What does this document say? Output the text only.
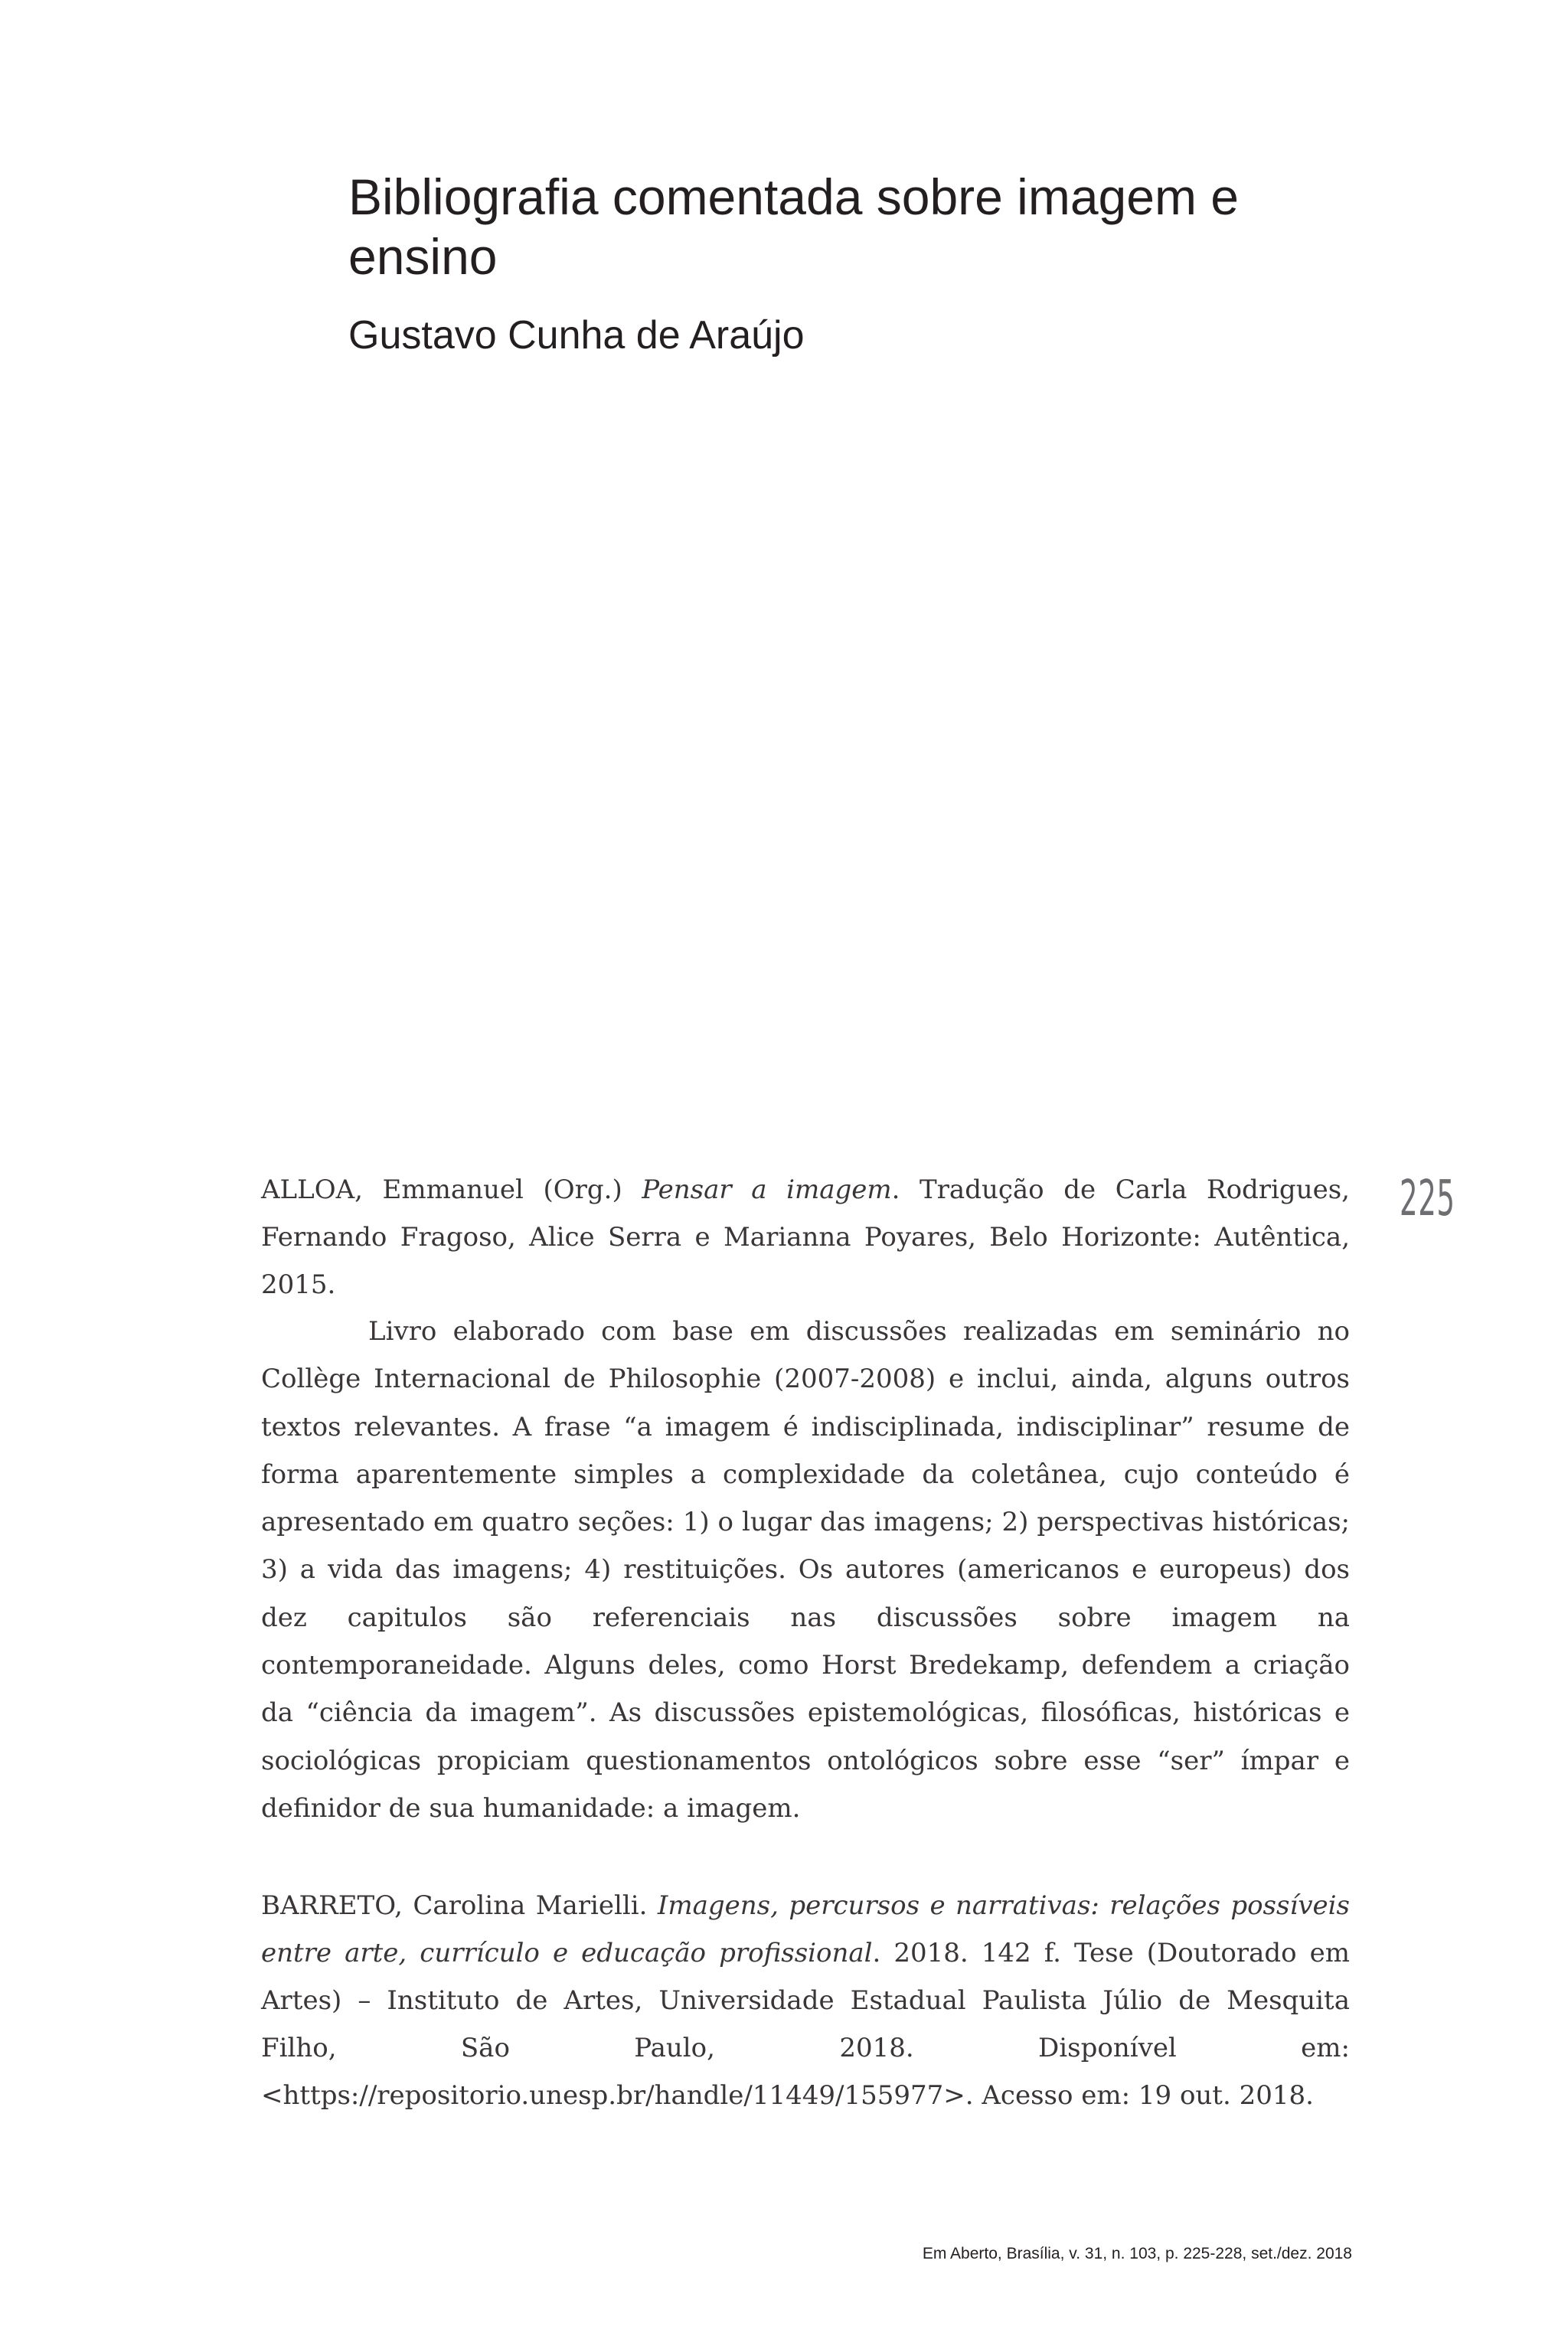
Bibliografia comentada sobre imagem e ensino

Gustavo Cunha de Araújo

225

ALLOA, Emmanuel (Org.) Pensar a imagem. Tradução de Carla Rodrigues, Fernando Fragoso, Alice Serra e Marianna Poyares, Belo Horizonte: Autêntica, 2015.

Livro elaborado com base em discussões realizadas em seminário no Collège Internacional de Philosophie (2007-2008) e inclui, ainda, alguns outros textos relevantes. A frase “a imagem é indisciplinada, indisciplinar” resume de forma aparentemente simples a complexidade da coletânea, cujo conteúdo é apresentado em quatro seções: 1) o lugar das imagens; 2) perspectivas históricas; 3) a vida das imagens; 4) restituições. Os autores (americanos e europeus) dos dez capitulos são referenciais nas discussões sobre imagem na contemporaneidade. Alguns deles, como Horst Bredekamp, defendem a criação da “ciência da imagem”. As discussões epistemológicas, filosóficas, históricas e sociológicas propiciam questionamentos ontológicos sobre esse “ser” ímpar e definidor de sua humanidade: a imagem.

BARRETO, Carolina Marielli. Imagens, percursos e narrativas: relações possíveis entre arte, currículo e educação profissional. 2018. 142 f. Tese (Doutorado em Artes) – Instituto de Artes, Universidade Estadual Paulista Júlio de Mesquita Filho, São Paulo, 2018. Disponível em: <https://repositorio.unesp.br/handle/11449/155977>. Acesso em: 19 out. 2018.

Em Aberto, Brasília, v. 31, n. 103, p. 225-228, set./dez. 2018
